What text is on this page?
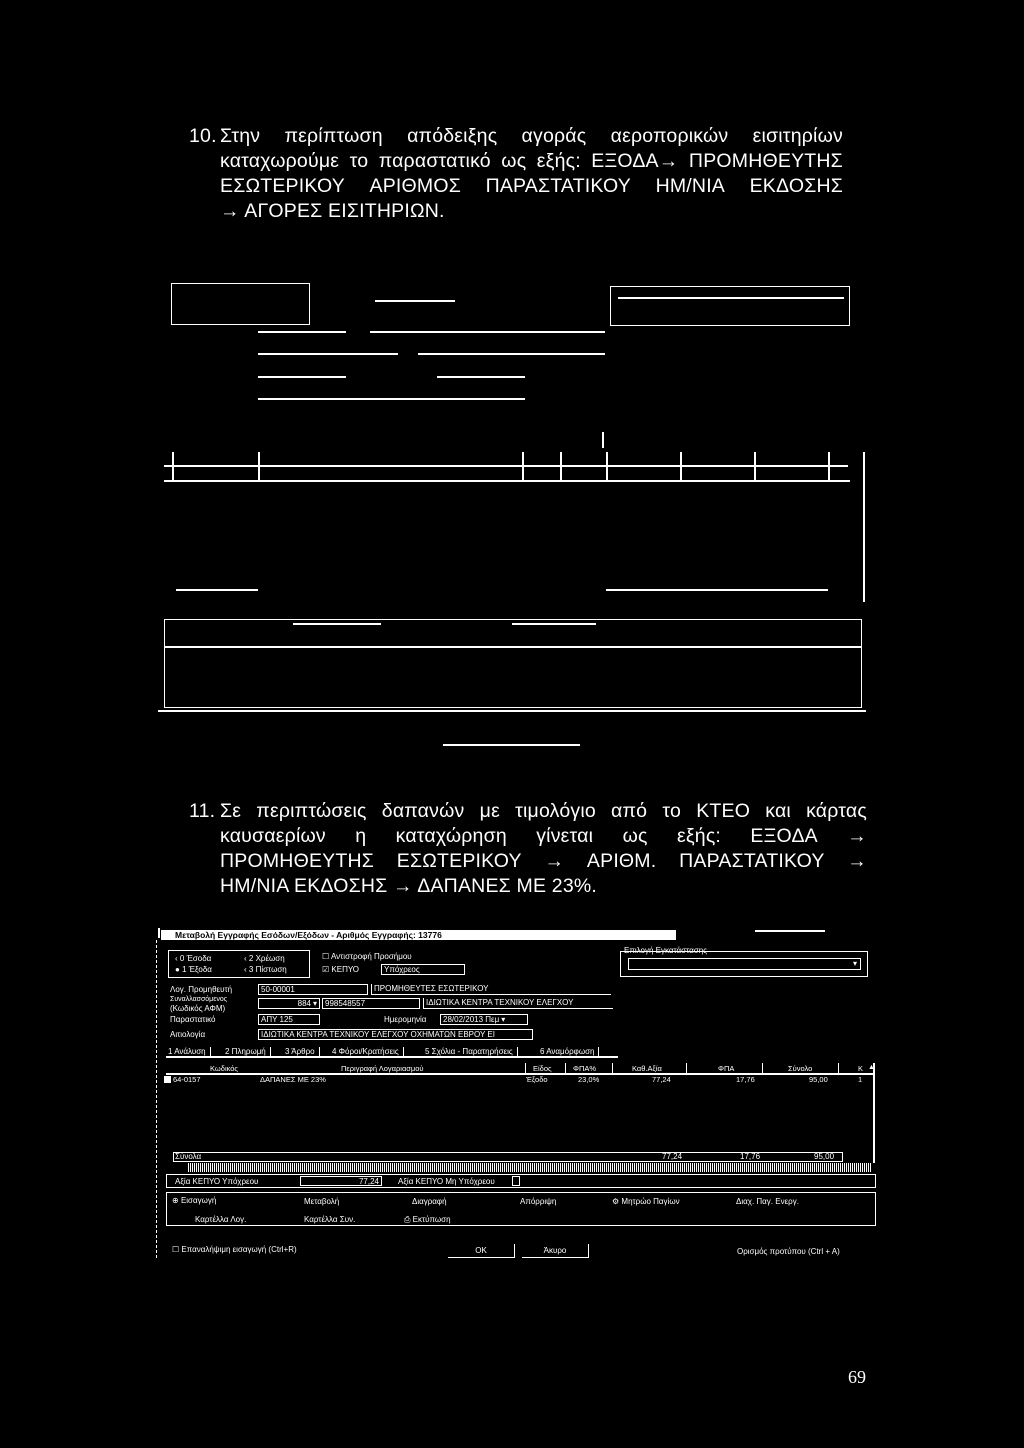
10. Στην περίπτωση απόδειξης αγοράς αεροπορικών εισιτηρίων
καταχωρούμε το παραστατικό ως εξής: ΕΞΟΔΑ→ ΠΡΟΜΗΘΕΥΤΗΣ
ΕΣΩΤΕΡΙΚΟΥ ΑΡΙΘΜΟΣ ΠΑΡΑΣΤΑΤΙΚΟΥ ΗΜ/ΝΙΑ ΕΚΔΟΣΗΣ
→ ΑΓΟΡΕΣ ΕΙΣΙΤΗΡΙΩΝ.
11. Σε περιπτώσεις δαπανών με τιμολόγιο από το ΚΤΕΟ και κάρτας
καυσαερίων η καταχώρηση γίνεται ως εξής: ΕΞΟΔΑ →
ΠΡΟΜΗΘΕΥΤΗΣ ΕΣΩΤΕΡΙΚΟΥ → ΑΡΙΘΜ. ΠΑΡΑΣΤΑΤΙΚΟΥ →
ΗΜ/ΝΙΑ ΕΚΔΟΣΗΣ → ΔΑΠΑΝΕΣ ΜΕ 23%.
Μεταβολή Εγγραφής Εσόδων/Εξόδων - Αριθμός Εγγραφής: 13776
‹ 0 Έσοδα
● 1 Έξοδα
‹ 2 Χρέωση
‹ 3 Πίστωση
☐ Αντιστροφή Προσήμου
☑ ΚΕΠΥΟ	Υπόχρεος
Επιλογή Εγκατάστασης
▾
Λογ. Προμηθευτή	50-00001	ΠΡΟΜΗΘΕΥΤΕΣ ΕΣΩΤΕΡΙΚΟΥ
Συναλλασσόμενος
(Κωδικός ΑΦΜ)
884 ▾	998548557	ΙΔΙΩΤΙΚΑ ΚΕΝΤΡΑ ΤΕΧΝΙΚΟΥ ΕΛΕΓΧΟΥ
Παραστατικό	ΑΠΥ 125	Ημερομηνία	28/02/2013 Πεμ ▾
Αιτιολογία	ΙΔΙΩΤΙΚΑ ΚΕΝΤΡΑ ΤΕΧΝΙΚΟΥ ΕΛΕΓΧΟΥ ΟΧΗΜΑΤΩΝ ΕΒΡΟΥ ΕΙ
1 Ανάλυση	2 Πληρωμή	3 Άρθρο	4 Φόροι/Κρατήσεις	5 Σχόλια - Παρατηρήσεις	6 Αναμόρφωση
Κωδικός	Περιγραφή Λογαριασμού	Είδος	ΦΠΑ%	Καθ.Αξία	ΦΠΑ	Σύνολο	Κ
64-0157	ΔΑΠΑΝΕΣ ΜΕ 23%	Έξοδο	23,0%	77,24	17,76	95,00	1
▲
Σύνολα	77,24	17,76	95,00
Αξία ΚΕΠΥΟ Υπόχρεου	77,24	Αξία ΚΕΠΥΟ Μη Υπόχρεου
⊕ Εισαγωγή	Μεταβολή	Διαγραφή	Απόρριψη	⚙ Μητρώο Παγίων	Διαχ. Παγ. Ενεργ.
Καρτέλλα Λογ.	Καρτέλλα Συν.	⎙ Εκτύπωση
☐ Επαναλήψιμη εισαγωγή (Ctrl+R)	OK	Άκυρο	Ορισμός προτύπου (Ctrl + A)
69
